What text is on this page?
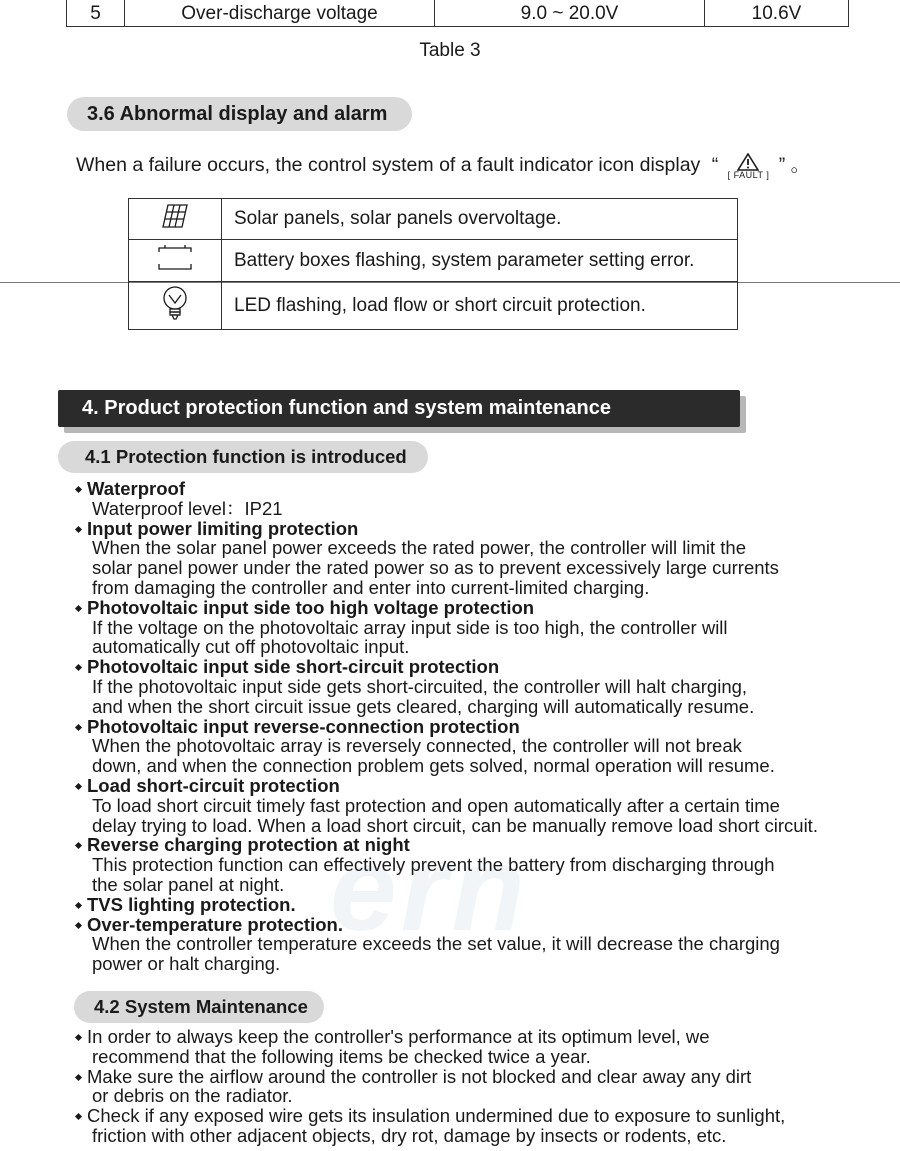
5	Over-discharge voltage	9.0 ~ 20.0V	10.6V
Table 3
3.6 Abnormal display and alarm
When a failure occurs, the control system of a fault indicator icon display “ [ FAULT ] ” 。
	Solar panels, solar panels overvoltage.
	Battery boxes flashing, system parameter setting error.
	LED flashing, load flow or short circuit protection.
4. Product protection function and system maintenance
ern
4.1 Protection function is introduced
Waterproof
Waterproof level：IP21
Input power limiting protection
When the solar panel power exceeds the rated power, the controller will limit the
solar panel power under the rated power so as to prevent excessively large currents
from damaging the controller and enter into current-limited charging.
Photovoltaic input side too high voltage protection
If the voltage on the photovoltaic array input side is too high, the controller will
automatically cut off photovoltaic input.
Photovoltaic input side short-circuit protection
If the photovoltaic input side gets short-circuited, the controller will halt charging,
and when the short circuit issue gets cleared, charging will automatically resume.
Photovoltaic input reverse-connection protection
When the photovoltaic array is reversely connected, the controller will not break
down, and when the connection problem gets solved, normal operation will resume.
Load short-circuit protection
To load short circuit timely fast protection and open automatically after a certain time
delay trying to load. When a load short circuit, can be manually remove load short circuit.
Reverse charging protection at night
This protection function can effectively prevent the battery from discharging through
the solar panel at night.
TVS lighting protection.
Over-temperature protection.
When the controller temperature exceeds the set value, it will decrease the charging
power or halt charging.
4.2 System Maintenance
In order to always keep the controller's performance at its optimum level, we
recommend that the following items be checked twice a year.
Make sure the airflow around the controller is not blocked and clear away any dirt
or debris on the radiator.
Check if any exposed wire gets its insulation undermined due to exposure to sunlight,
friction with other adjacent objects, dry rot, damage by insects or rodents, etc.
